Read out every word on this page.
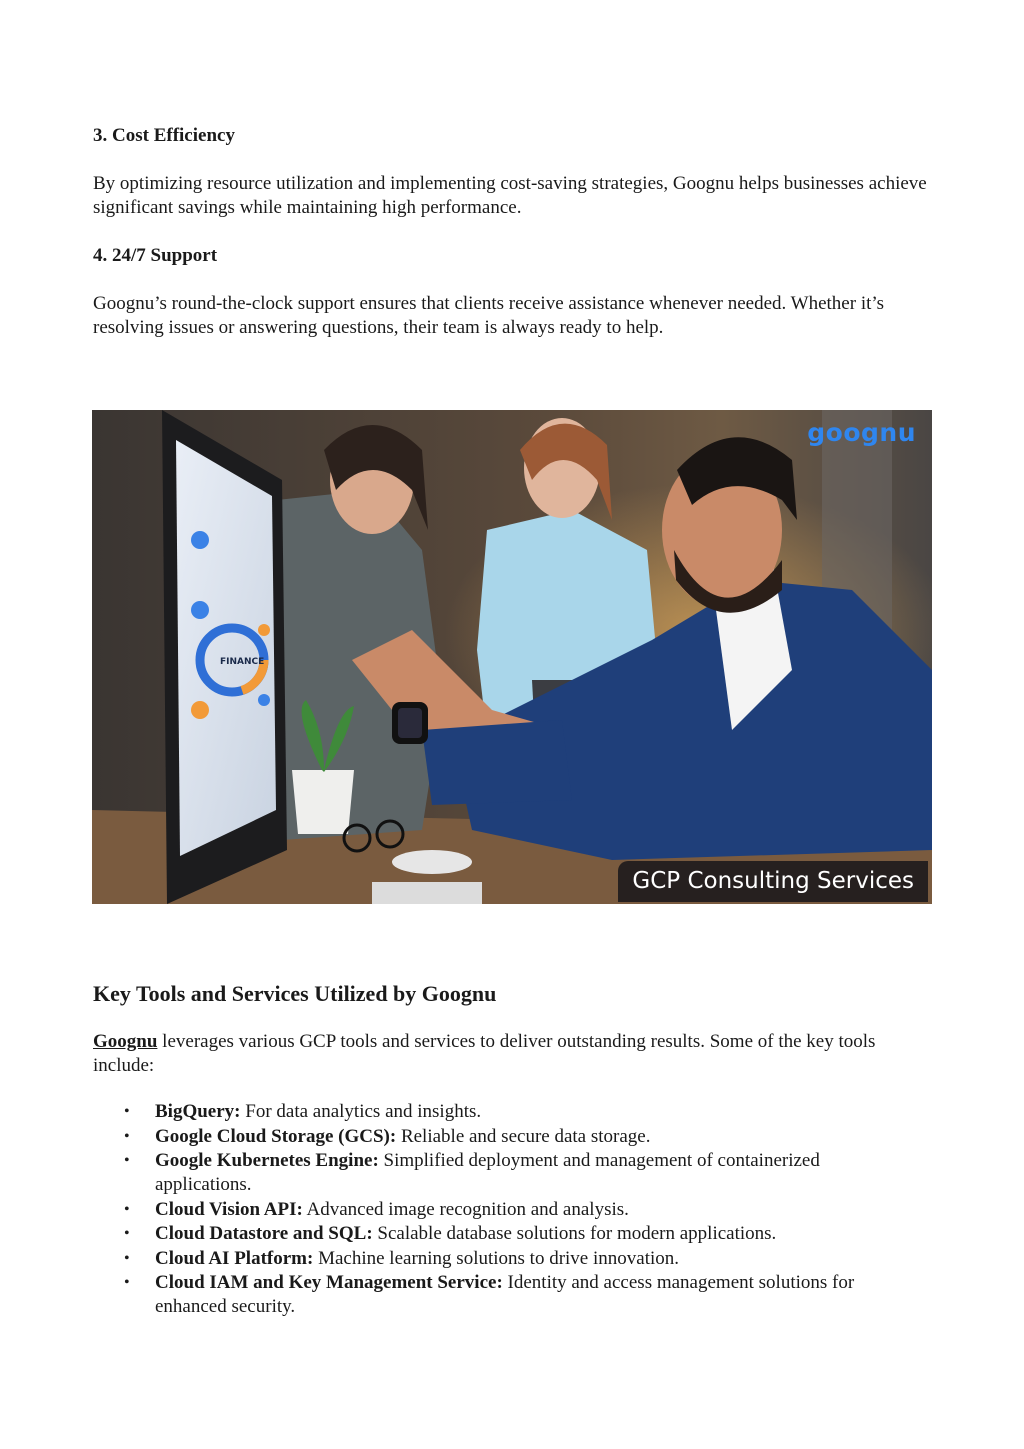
3. Cost Efficiency

By optimizing resource utilization and implementing cost-saving strategies, Goognu helps businesses achieve significant savings while maintaining high performance.

4. 24/7 Support

Goognu’s round-the-clock support ensures that clients receive assistance whenever needed. Whether it’s resolving issues or answering questions, their team is always ready to help.

FINANCE
goognu
GCP Consulting Services
Key Tools and Services Utilized by Goognu

Goognu leverages various GCP tools and services to deliver outstanding results. Some of the key tools include:

• BigQuery: For data analytics and insights.
• Google Cloud Storage (GCS): Reliable and secure data storage.
• Google Kubernetes Engine: Simplified deployment and management of containerized applications.
• Cloud Vision API: Advanced image recognition and analysis.
• Cloud Datastore and SQL: Scalable database solutions for modern applications.
• Cloud AI Platform: Machine learning solutions to drive innovation.
• Cloud IAM and Key Management Service: Identity and access management solutions for enhanced security.
